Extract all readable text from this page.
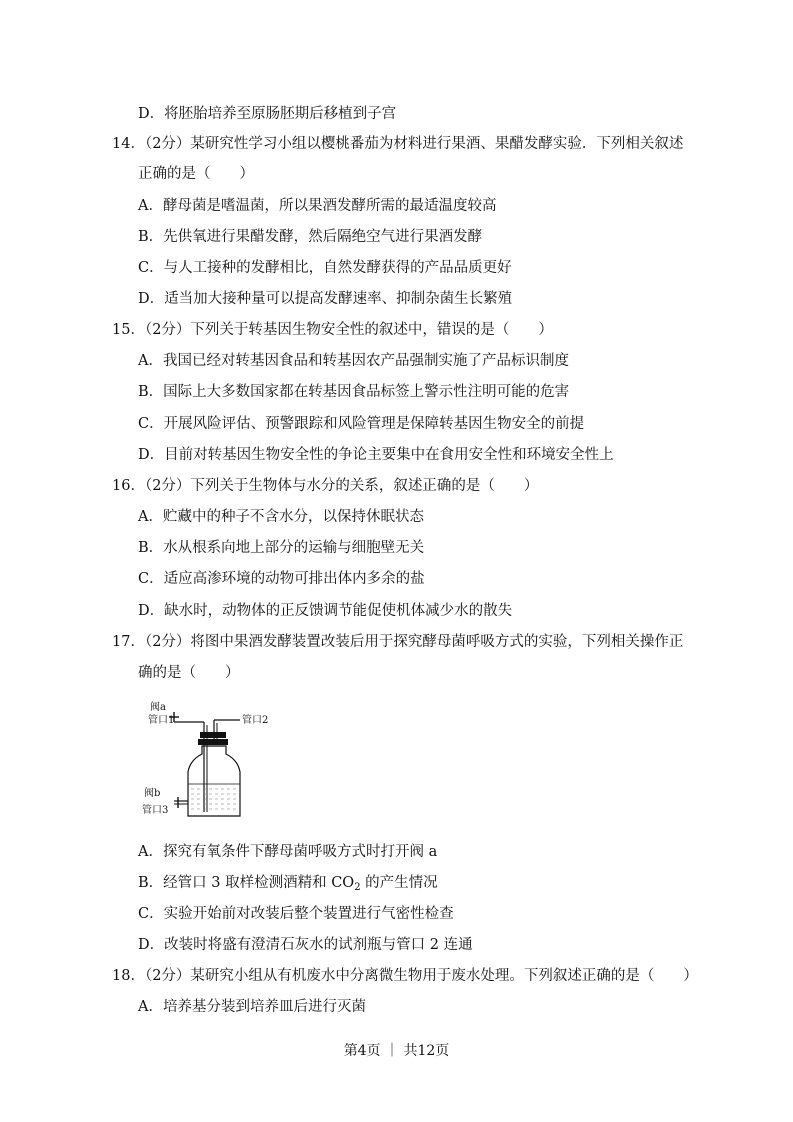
D．将胚胎培养至原肠胚期后移植到子宫
14．（2分）某研究性学习小组以樱桃番茄为材料进行果酒、果醋发酵实验．下列相关叙述
正确的是（　　）
A．酵母菌是嗜温菌，所以果酒发酵所需的最适温度较高
B．先供氧进行果醋发酵，然后隔绝空气进行果酒发酵
C．与人工接种的发酵相比，自然发酵获得的产品品质更好
D．适当加大接种量可以提高发酵速率、抑制杂菌生长繁殖
15．（2分）下列关于转基因生物安全性的叙述中，错误的是（　　）
A．我国已经对转基因食品和转基因农产品强制实施了产品标识制度
B．国际上大多数国家都在转基因食品标签上警示性注明可能的危害
C．开展风险评估、预警跟踪和风险管理是保障转基因生物安全的前提
D．目前对转基因生物安全性的争论主要集中在食用安全性和环境安全性上
16．（2分）下列关于生物体与水分的关系，叙述正确的是（　　）
A．贮藏中的种子不含水分，以保持休眠状态
B．水从根系向地上部分的运输与细胞壁无关
C．适应高渗环境的动物可排出体内多余的盐
D．缺水时，动物体的正反馈调节能促使机体减少水的散失
17．（2分）将图中果酒发酵装置改装后用于探究酵母菌呼吸方式的实验，下列相关操作正
确的是（　　）
阀a
管口1	管口2
阀b
管口3
A．探究有氧条件下酵母菌呼吸方式时打开阀 a
B．经管口 3 取样检测酒精和 $CO_2$ 的产生情况
C．实验开始前对改装后整个装置进行气密性检查
D．改装时将盛有澄清石灰水的试剂瓶与管口 2 连通
18．（2分）某研究小组从有机废水中分离微生物用于废水处理。下列叙述正确的是（　　）
A．培养基分装到培养皿后进行灭菌
第4页 ｜ 共12页
